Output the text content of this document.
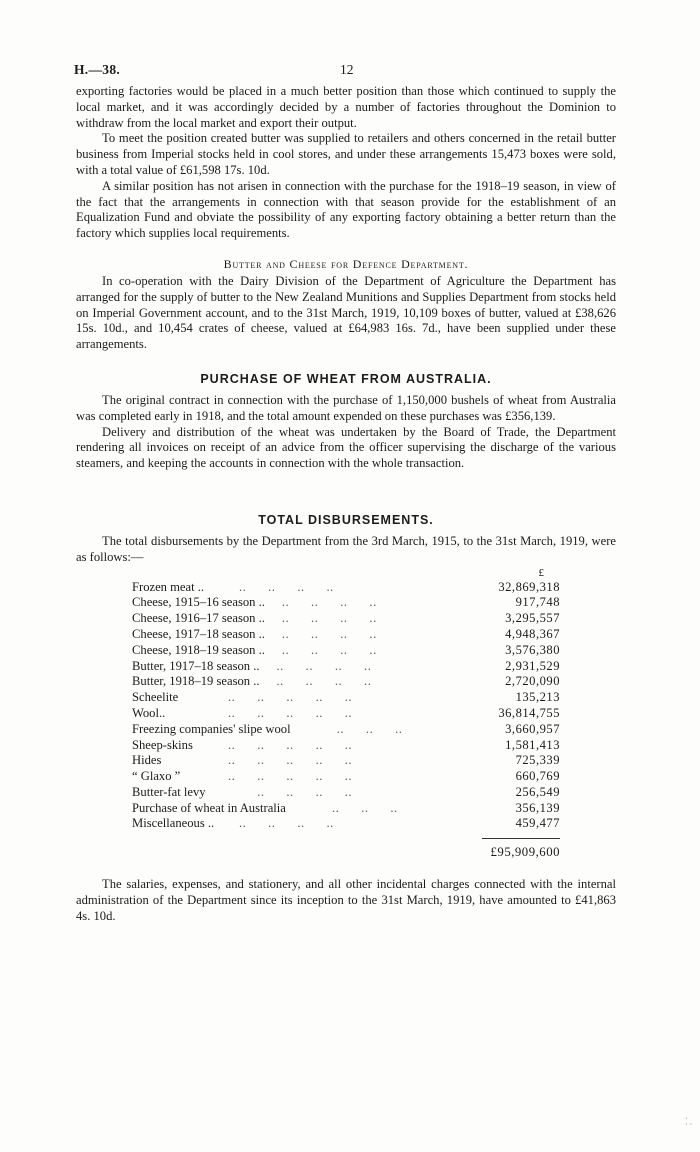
H.—38.	12

exporting factories would be placed in a much better position than those which continued to supply the local market, and it was accordingly decided by a number of factories throughout the Dominion to withdraw from the local market and export their output.

To meet the position created butter was supplied to retailers and others concerned in the retail butter business from Imperial stocks held in cool stores, and under these arrangements 15,473 boxes were sold, with a total value of £61,598 17s. 10d.

A similar position has not arisen in connection with the purchase for the 1918–19 season, in view of the fact that the arrangements in connection with that season provide for the establishment of an Equalization Fund and obviate the possibility of any exporting factory obtaining a better return than the factory which supplies local requirements.

Butter and Cheese for Defence Department.

In co-operation with the Dairy Division of the Department of Agriculture the Department has arranged for the supply of butter to the New Zealand Munitions and Supplies Department from stocks held on Imperial Government account, and to the 31st March, 1919, 10,109 boxes of butter, valued at £38,626 15s. 10d., and 10,454 crates of cheese, valued at £64,983 16s. 7d., have been supplied under these arrangements.

PURCHASE OF WHEAT FROM AUSTRALIA.

The original contract in connection with the purchase of 1,150,000 bushels of wheat from Australia was completed early in 1918, and the total amount expended on these purchases was £356,139.

Delivery and distribution of the wheat was undertaken by the Board of Trade, the Department rendering all invoices on receipt of an advice from the officer supervising the discharge of the various steamers, and keeping the accounts in connection with the whole transaction.

TOTAL DISBURSEMENTS.

The total disbursements by the Department from the 3rd March, 1915, to the 31st March, 1919, were as follows:—

£
Frozen meat .. ..      ..      ..      ..	32,869,318
Cheese, 1915–16 season .. ..      ..      ..      ..	917,748
Cheese, 1916–17 season .. ..      ..      ..      ..	3,295,557
Cheese, 1917–18 season .. ..      ..      ..      ..	4,948,367
Cheese, 1918–19 season .. ..      ..      ..      ..	3,576,380
Butter, 1917–18 season .. ..      ..      ..      ..	2,931,529
Butter, 1918–19 season .. ..      ..      ..      ..	2,720,090
Scheelite	..      ..      ..      ..      ..	135,213
Wool..	..      ..      ..      ..      ..	36,814,755
Freezing companies' slipe wool ..      ..      ..	3,660,957
Sheep-skins	..      ..      ..      ..      ..	1,581,413
Hides	..      ..      ..      ..      ..	725,339
“ Glaxo ”	..      ..      ..      ..      ..	660,769
Butter-fat levy ..      ..      ..      ..	256,549
Purchase of wheat in Australia ..      ..      ..	356,139
Miscellaneous .. ..      ..      ..      ..	459,477
£95,909,600

The salaries, expenses, and stationery, and all other incidental charges connected with the internal administration of the Department since its inception to the 31st March, 1919, have amounted to £41,863 4s. 10d.

·
· ·
